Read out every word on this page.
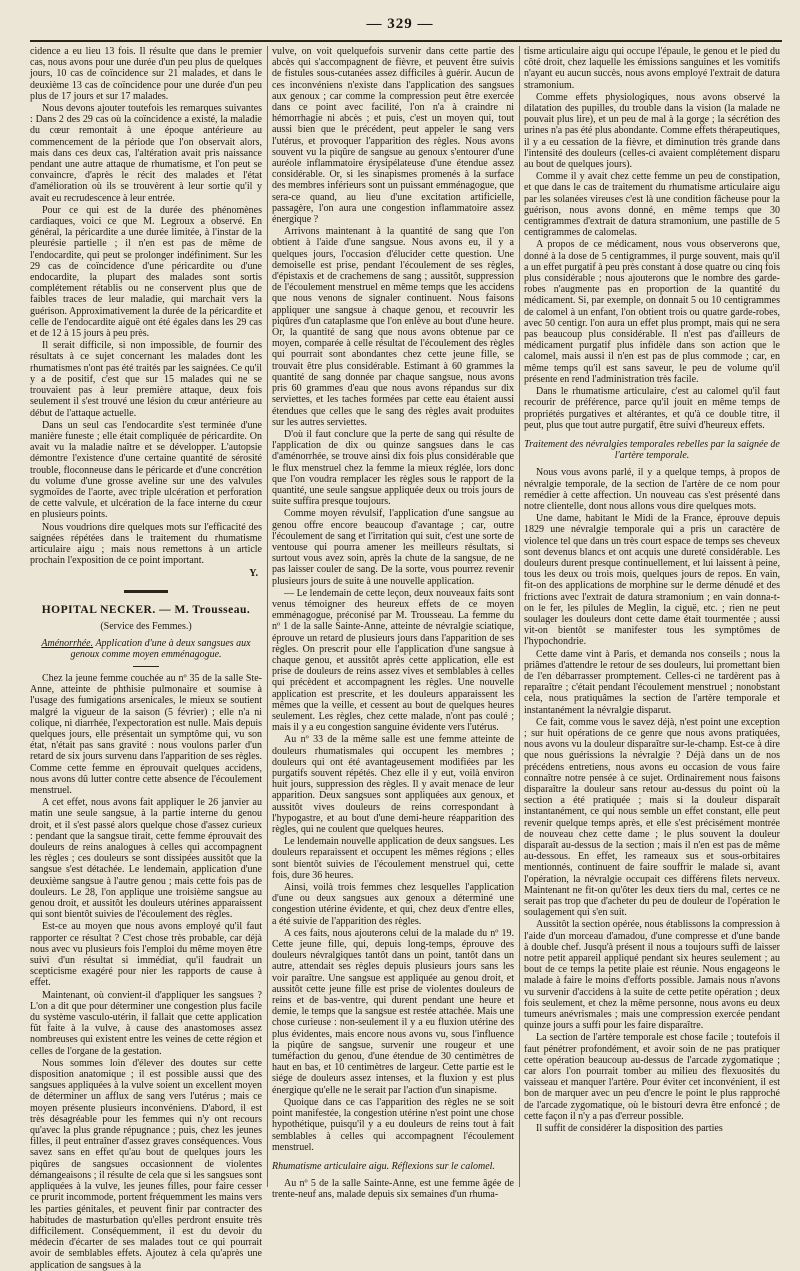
— 329 —

cidence a eu lieu 13 fois. Il résulte que dans le premier cas, nous avons pour une durée d'un peu plus de quelques jours, 10 cas de coïncidence sur 21 malades, et dans le deuxième 13 cas de coïncidence pour une durée d'un peu plus de 17 jours et sur 17 malades.

Nous devons ajouter toutefois les remarques suivantes : Dans 2 des 29 cas où la coïncidence a existé, la maladie du cœur remontait à une époque antérieure au commencement de la période que l'on observait alors, mais dans ces deux cas, l'altération avait pris naissance pendant une autre attaque de rhumatisme, et l'on peut se convaincre, d'après le récit des malades et l'état d'amélioration où ils se trouvèrent à leur sortie qu'il y avait eu recrudescence à leur entrée.

Pour ce qui est de la durée des phénomènes cardiaques, voici ce que M. Legroux a observé. En général, la péricardite a une durée limitée, à l'instar de la pleurésie partielle ; il n'en est pas de même de l'endocardite, qui peut se prolonger indéfiniment. Sur les 29 cas de coïncidence d'une péricardite ou d'une endocardite, la plupart des malades sont sortis complétement rétablis ou ne conservent plus que de faibles traces de leur maladie, qui marchait vers la guérison. Approximativement la durée de la péricardite et celle de l'endocardite aiguë ont été égales dans les 29 cas et de 12 à 15 jours à peu près.

Il serait difficile, si non impossible, de fournir des résultats à ce sujet concernant les malades dont les rhumatismes n'ont pas été traités par les saignées. Ce qu'il y a de positif, c'est que sur 15 malades qui ne se trouvaient pas à leur première attaque, deux fois seulement il s'est trouvé une lésion du cœur antérieure au début de l'attaque actuelle.

Dans un seul cas l'endocardite s'est terminée d'une manière funeste ; elle était compliquée de péricardite. On avait vu la maladie naître et se développer. L'autopsie démontre l'existence d'une certaine quantité de sérosité trouble, floconneuse dans le péricarde et d'une concrétion du volume d'une grosse aveline sur une des valvules sygmoïdes de l'aorte, avec triple ulcération et perforation de cette valvule, et ulcération de la face interne du cœur en plusieurs points.

Nous voudrions dire quelques mots sur l'efficacité des saignées répétées dans le traitement du rhumatisme articulaire aigu ; mais nous remettons à un article prochain l'exposition de ce point important.

Y.
HOPITAL NECKER. — M. Trousseau.
(Service des Femmes.)
Aménorrhée. Application d'une à deux sangsues aux genoux comme moyen emménagogue.

Chez la jeune femme couchée au nº 35 de la salle Ste-Anne, atteinte de phthisie pulmonaire et soumise à l'usage des fumigations arsenicales, le mieux se soutient malgré la vigueur de la saison (5 février) ; elle n'a ni colique, ni diarrhée, l'expectoration est nulle. Mais depuis quelques jours, elle présentait un symptôme qui, vu son état, n'était pas sans gravité : nous voulons parler d'un retard de six jours survenu dans l'apparition de ses règles. Comme cette femme en éprouvait quelques accidens, nous avons dû lutter contre cette absence de l'écoulement menstruel.

A cet effet, nous avons fait appliquer le 26 janvier au matin une seule sangsue, à la partie interne du genou droit, et il s'est passé alors quelque chose d'assez curieux : pendant que la sangsue tirait, cette femme éprouvait des douleurs de reins analogues à celles qui accompagnent les règles ; ces douleurs se sont dissipées aussitôt que la sangsue s'est détachée. Le lendemain, application d'une deuxième sangsue à l'autre genou ; mais cette fois pas de douleurs. Le 28, l'on applique une troisième sangsue au genou droit, et aussitôt les douleurs utérines apparaissent qui sont bientôt suivies de l'écoulement des règles.

Est-ce au moyen que nous avons employé qu'il faut rapporter ce résultat ? C'est chose très probable, car déjà nous avec vu plusieurs fois l'emploi du même moyen être suivi d'un résultat si immédiat, qu'il faudrait un scepticisme exagéré pour nier les rapports de cause à effet.

Maintenant, où convient-il d'appliquer les sangsues ? L'on a dit que pour déterminer une congestion plus facile du système vasculo-utérin, il fallait que cette application fût faite à la vulve, à cause des anastomoses assez nombreuses qui existent entre les veines de cette région et celles de l'organe de la gestation.

Nous sommes loin d'élever des doutes sur cette disposition anatomique ; il est possible aussi que des sangsues appliquées à la vulve soient un excellent moyen de déterminer un afflux de sang vers l'utérus ; mais ce moyen présente plusieurs inconvéniens. D'abord, il est très désagréable pour les femmes qui n'y ont recours qu'avec la plus grande répugnance ; puis, chez les jeunes filles, il peut entraîner d'assez graves conséquences. Vous savez sans en effet qu'au bout de quelques jours les piqûres de sangsues occasionnent de violentes démangeaisons ; il résulte de cela que si les sangsues sont appliquées à la vulve, les jeunes filles, pour faire cesser ce prurit incommode, portent fréquemment les mains vers les parties génitales, et peuvent finir par contracter des habitudes de masturbation qu'elles perdront ensuite très difficilement. Conséquemment, il est du devoir du médecin d'écarter de ses malades tout ce qui pourrait avoir de semblables effets. Ajoutez à cela qu'après une application de sangsues à la

vulve, on voit quelquefois survenir dans cette partie des abcès qui s'accompagnent de fièvre, et peuvent être suivis de fistules sous-cutanées assez difficiles à guérir. Aucun de ces inconvéniens n'existe dans l'application des sangsues aux genoux ; car comme la compression peut être exercée dans ce point avec facilité, l'on n'a à craindre ni hémorrhagie ni abcès ; et puis, c'est un moyen qui, tout aussi bien que le précédent, peut appeler le sang vers l'utérus, et provoquer l'apparition des règles. Nous avons souvent vu la piqûre de sangsue au genoux s'entourer d'une auréole inflammatoire érysipélateuse d'une étendue assez considérable. Or, si les sinapismes promenés à la surface des membres inférieurs sont un puissant emménagogue, que sera-ce quand, au lieu d'une excitation artificielle, passagère, l'on aura une congestion inflammatoire assez énergique ?

Arrivons maintenant à la quantité de sang que l'on obtient à l'aide d'une sangsue. Nous avons eu, il y a quelques jours, l'occasion d'élucider cette question. Une demoiselle est prise, pendant l'écoulement de ses règles, d'épistaxis et de crachemens de sang ; aussitôt, suppression de l'écoulement menstruel en même temps que les accidens que nous venons de signaler continuent. Nous faisons appliquer une sangsue à chaque genou, et recouvrir les piqûres d'un cataplasme que l'on enlève au bout d'une heure. Or, la quantité de sang que nous avons obtenue par ce moyen, comparée à celle résultat de l'écoulement des règles qui pourrait sont abondantes chez cette jeune fille, se trouvait être plus considérable. Estimant à 60 grammes la quantité de sang donnée par chaque sangsue, nous avons pris 60 grammes d'eau que nous avons répandus sur dix serviettes, et les taches formées par cette eau étaient aussi étendues que celles que le sang des règles avait produites sur les autres serviettes.

D'où il faut conclure que la perte de sang qui résulte de l'application de dix ou quinze sangsues dans le cas d'aménorrhée, se trouve ainsi dix fois plus considérable que le flux menstruel chez la femme la mieux réglée, lors donc que l'on voudra remplacer les règles sous le rapport de la quantité, une seule sangsue appliquée deux ou trois jours de suite suffira presque toujours.

Comme moyen révulsif, l'application d'une sangsue au genou offre encore beaucoup d'avantage ; car, outre l'écoulement de sang et l'irritation qui suit, c'est une sorte de ventouse qui pourra amener les meilleurs résultats, si surtout vous avez soin, après la chute de la sangsue, de ne pas laisser couler de sang. De la sorte, vous pourrez revenir plusieurs jours de suite à une nouvelle application.

— Le lendemain de cette leçon, deux nouveaux faits sont venus témoigner des heureux effets de ce moyen emménagogue, préconisé par M. Trousseau. La femme du nº 1 de la salle Sainte-Anne, atteinte de névralgie sciatique, éprouve un retard de plusieurs jours dans l'apparition de ses règles. On prescrit pour elle l'application d'une sangsue à chaque genou, et aussitôt après cette application, elle est prise de douleurs de reins assez vives et semblables à celles qui précèdent et accompagnent les règles. Une nouvelle application est prescrite, et les douleurs apparaissent les mêmes que la veille, et cessent au bout de quelques heures seulement. Les règles, chez cette malade, n'ont pas coulé ; mais il y a eu congestion sanguine évidente vers l'utérus.

Au nº 33 de la même salle est une femme atteinte de douleurs rhumatismales qui occupent les membres ; douleurs qui ont été avantageusement modifiées par les purgatifs souvent répétés. Chez elle il y eut, voilà environ huit jours, suppression des règles. Il y avait menace de leur apparition. Deux sangsues sont appliquées aux genoux, et aussitôt vives douleurs de reins correspondant à l'hypogastre, et au bout d'une demi-heure réapparition des règles, qui ne coulent que quelques heures.

Le lendemain nouvelle application de deux sangsues. Les douleurs reparaissent et occupent les mêmes régions ; elles sont bientôt suivies de l'écoulement menstruel qui, cette fois, dure 36 heures.

Ainsi, voilà trois femmes chez lesquelles l'application d'une ou deux sangsues aux genoux a déterminé une congestion utérine évidente, et qui, chez deux d'entre elles, a été suivie de l'apparition des règles.

A ces faits, nous ajouterons celui de la malade du nº 19. Cette jeune fille, qui, depuis long-temps, éprouve des douleurs névralgiques tantôt dans un point, tantôt dans un autre, attendait ses règles depuis plusieurs jours sans les voir paraître. Une sangsue est appliquée au genou droit, et aussitôt cette jeune fille est prise de violentes douleurs de reins et de bas-ventre, qui durent pendant une heure et demie, le temps que la sangsue est restée attachée. Mais une chose curieuse : non-seulement il y a eu fluxion utérine des plus évidentes, mais encore nous avons vu, sous l'influence la piqûre de sangsue, survenir une rougeur et une tuméfaction du genou, d'une étendue de 30 centimètres de haut en bas, et 10 centimètres de largeur. Cette partie est le siége de douleurs assez intenses, et la fluxion y est plus énergique qu'elle ne le serait par l'action d'un sinapisme.

Quoique dans ce cas l'apparition des règles ne se soit point manifestée, la congestion utérine n'est point une chose hypothétique, puisqu'il y a eu douleurs de reins tout à fait semblables à celles qui accompagnent l'écoulement menstruel.

Rhumatisme articulaire aigu. Réflexions sur le calomel.

Au nº 5 de la salle Sainte-Anne, est une femme âgée de trente-neuf ans, malade depuis six semaines d'un rhuma-

tisme articulaire aigu qui occupe l'épaule, le genou et le pied du côté droit, chez laquelle les émissions sanguines et les vomitifs n'ayant eu aucun succès, nous avons employé l'extrait de datura stramonium.

Comme effets physiologiques, nous avons observé la dilatation des pupilles, du trouble dans la vision (la malade ne pouvait plus lire), et un peu de mal à la gorge ; la sécrétion des urines n'a pas été plus abondante. Comme effets thérapeutiques, il y a eu cessation de la fièvre, et diminution très grande dans l'intensité des douleurs (celles-ci avaient complétement disparu au bout de quelques jours).

Comme il y avait chez cette femme un peu de constipation, et que dans le cas de traitement du rhumatisme articulaire aigu par les solanées vireuses c'est là une condition fâcheuse pour la guérison, nous avons donné, en même temps que 30 centigrammes d'extrait de datura stramonium, une pastille de 5 centigrammes de calomelas.

A propos de ce médicament, nous vous observerons que, donné à la dose de 5 centigrammes, il purge souvent, mais qu'il a un effet purgatif à peu près constant à dose quatre ou cinq fois plus considérable ; nous ajouterons que le nombre des garde-robes n'augmente pas en proportion de la quantité du médicament. Si, par exemple, on donnait 5 ou 10 centigrammes de calomel à un enfant, l'on obtient trois ou quatre garde-robes, avec 50 centigr. l'on aura un effet plus prompt, mais qui ne sera pas beaucoup plus considérable. Il n'est pas d'ailleurs de médicament purgatif plus infidèle dans son action que le calomel, mais aussi il n'en est pas de plus commode ; car, en même temps qu'il est sans saveur, le peu de volume qu'il présente en rend l'administration très facile.

Dans le rhumatisme articulaire, c'est au calomel qu'il faut recourir de préférence, parce qu'il jouit en même temps de propriétés purgatives et altérantes, et qu'à ce double titre, il peut, plus que tout autre purgatif, être suivi d'heureux effets.

Traitement des névralgies temporales rebelles par la saignée de l'artère temporale.

Nous vous avons parlé, il y a quelque temps, à propos de névralgie temporale, de la section de l'artère de ce nom pour remédier à cette affection. Un nouveau cas s'est présenté dans notre clientelle, dont nous allons vous dire quelques mots.

Une dame, habitant le Midi de la France, éprouve depuis 1829 une névralgie temporale qui a pris un caractère de violence tel que dans un très court espace de temps ses cheveux sont devenus blancs et ont acquis une dureté considérable. Les douleurs durent presque continuellement, et lui laissent à peine, tous les deux ou trois mois, quelques jours de repos. En vain, fit-on des applications de morphine sur le derme dénudé et des frictions avec l'extrait de datura stramonium ; en vain donna-t-on le fer, les pilules de Meglin, la ciguë, etc. ; rien ne peut soulager les douleurs dont cette dame était tourmentée ; aussi vit-on bientôt se manifester tous les symptômes de l'hypochondrie.

Cette dame vint à Paris, et demanda nos conseils ; nous la priâmes d'attendre le retour de ses douleurs, lui promettant bien de l'en débarrasser promptement. Celles-ci ne tardèrent pas à reparaître ; c'était pendant l'écoulement menstruel ; nonobstant cela, nous pratiquâmes la section de l'artère temporale et instantanément la névralgie disparut.

Ce fait, comme vous le savez déjà, n'est point une exception ; sur huit opérations de ce genre que nous avons pratiquées, nous avons vu la douleur disparaître sur-le-champ. Est-ce à dire que nous guérissions la névralgie ? Déjà dans un de nos précédens entretiens, nous avons eu occasion de vous faire connaître notre pensée à ce sujet. Ordinairement nous faisons disparaître la douleur sans retour au-dessus du point où la section a été pratiquée ; mais si la douleur disparaît instantanément, ce qui nous semble un effet constant, elle peut revenir quelque temps après, et elle s'est précisément montrée de nouveau chez cette dame ; le plus souvent la douleur disparaît au-dessus de la section ; mais il n'en est pas de même au-dessous. En effet, les rameaux sus et sous-orbitaires mentionnés, continuent de faire souffrir le malade si, avant l'opération, la névralgie occupait ces différens filets nerveux. Maintenant ne fit-on qu'ôter les deux tiers du mal, certes ce ne serait pas trop que d'acheter du peu de douleur de l'opération le soulagement qui s'en suit.

Aussitôt la section opérée, nous établissons la compression à l'aide d'un morceau d'amadou, d'une compresse et d'une bande à double chef. Jusqu'à présent il nous a toujours suffi de laisser notre petit appareil appliqué pendant six heures seulement ; au bout de ce temps la petite plaie est réunie. Nous engageons le malade à faire le moins d'efforts possible. Jamais nous n'avons vu survenir d'accidens à la suite de cette petite opération ; deux fois seulement, et chez la même personne, nous avons eu deux tumeurs anévrismales ; mais une compression exercée pendant quinze jours a suffi pour les faire disparaître.

La section de l'artère temporale est chose facile ; toutefois il faut pénétrer profondément, et avoir soin de ne pas pratiquer cette opération beaucoup au-dessus de l'arcade zygomatique ; car alors l'on pourrait tomber au milieu des flexuosités du vaisseau et manquer l'artère. Pour éviter cet inconvénient, il est bon de marquer avec un peu d'encre le point le plus rapproché de l'arcade zygomatique, où le bistouri devra être enfoncé ; de cette façon il n'y a pas d'erreur possible.

Il suffit de considérer la disposition des parties
